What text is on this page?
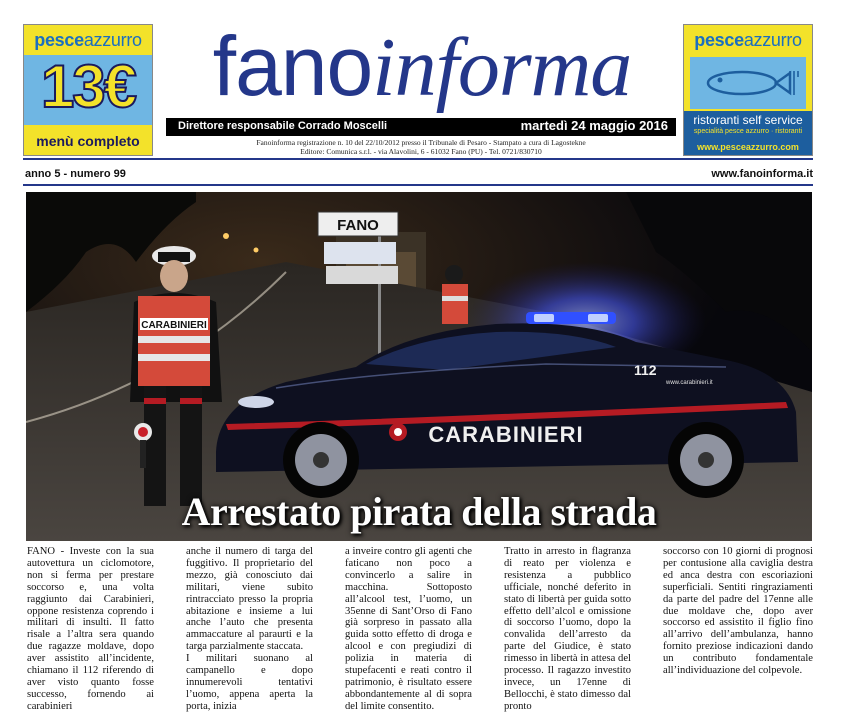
pesceazzurro
13€
menù completo
fanoinforma
Direttore responsabile Corrado Moscelli	martedì 24 maggio 2016
Fanoinforma registrazione n. 10 del 22/10/2012 presso il Tribunale di Pesaro - Stampato a cura di Lagostekne
Editore: Comunica s.r.l. - via Alavolini, 6 - 61032 Fano (PU) - Tel. 0721/830710
pesceazzurro
ristoranti self service
specialità pesce azzurro · ristoranti
www.pesceazzurro.com
anno 5 - numero 99	www.fanoinforma.it
FANO
CARABINIERI
112
www.carabinieri.it
CARABINIERI
Arrestato pirata della strada

FANO - Investe con la sua autovettura un ciclomotore, non si ferma per prestare soccorso e, una volta raggiunto dai Carabinieri, oppone resistenza coprendo i militari di insulti. Il fatto risale a l’altra sera quando due ragazze moldave, dopo aver assistito all’incidente, chiamano il 112 riferendo di aver visto quanto fosse successo, fornendo ai carabinieri

anche il numero di targa del fuggitivo. Il proprietario del mezzo, già conosciuto dai militari, viene subito rintracciato presso la propria abitazione e insieme a lui anche l’auto che presenta ammaccature al paraurti e la targa parzialmente staccata.

I militari suonano al campanello e dopo innumerevoli tentativi l’uomo, appena aperta la porta, inizia

a inveire contro gli agenti che faticano non poco a convincerlo a salire in macchina. Sottoposto all’alcool test, l’uomo, un 35enne di Sant’Orso di Fano già sorpreso in passato alla guida sotto effetto di droga e alcool e con pregiudizi di polizia in materia di stupefacenti e reati contro il patrimonio, è risultato essere abbondantemente al di sopra del limite consentito.

Tratto in arresto in flagranza di reato per violenza e resistenza a pubblico ufficiale, nonché deferito in stato di libertà per guida sotto effetto dell’alcol e omissione di soccorso l’uomo, dopo la convalida dell’arresto da parte del Giudice, è stato rimesso in libertà in attesa del processo. Il ragazzo investito invece, un 17enne di Bellocchi, è stato dimesso dal pronto

soccorso con 10 giorni di prognosi per contusione alla caviglia destra ed anca destra con escoriazioni superficiali. Sentiti ringraziamenti da parte del padre del 17enne alle due moldave che, dopo aver soccorso ed assistito il figlio fino all’arrivo dell’ambulanza, hanno fornito preziose indicazioni dando un contributo fondamentale all’individuazione del colpevole.
